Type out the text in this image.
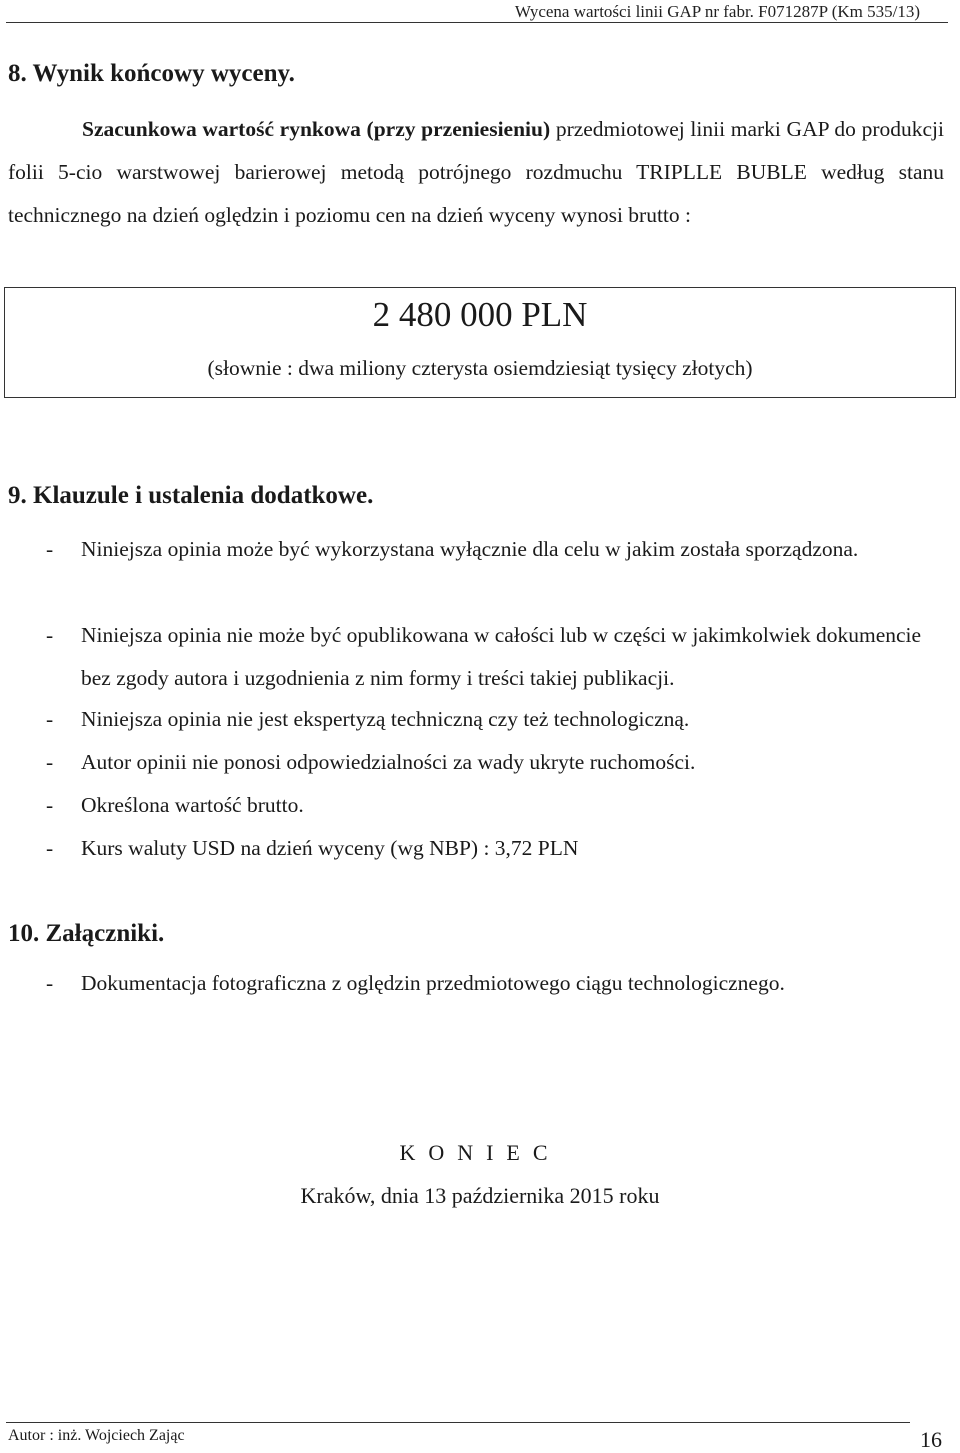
Wycena wartości linii GAP nr fabr. F071287P (Km 535/13)
8. Wynik końcowy wyceny.
Szacunkowa wartość rynkowa (przy przeniesieniu) przedmiotowej linii marki GAP do produkcji folii 5-cio warstwowej barierowej metodą potrójnego rozdmuchu TRIPLLE BUBLE według stanu technicznego na dzień oględzin i poziomu cen na dzień wyceny wynosi brutto :
2 480 000 PLN
(słownie : dwa miliony czterysta osiemdziesiąt tysięcy złotych)
9. Klauzule i ustalenia dodatkowe.
-	Niniejsza opinia może być wykorzystana wyłącznie dla celu w jakim została sporządzona.
-	Niniejsza opinia nie może być opublikowana w całości lub w części w jakimkolwiek dokumencie bez zgody autora i uzgodnienia z nim formy i treści takiej publikacji.
-	Niniejsza opinia nie jest ekspertyzą techniczną czy też technologiczną.
-	Autor opinii nie ponosi odpowiedzialności za wady ukryte ruchomości.
-	Określona wartość brutto.
-	Kurs waluty USD na dzień wyceny (wg NBP) : 3,72 PLN
10. Załączniki.
-	Dokumentacja fotograficzna z oględzin przedmiotowego ciągu technologicznego.
KONIEC
Kraków, dnia 13 października 2015 roku
Autor : inż. Wojciech Zając	16
